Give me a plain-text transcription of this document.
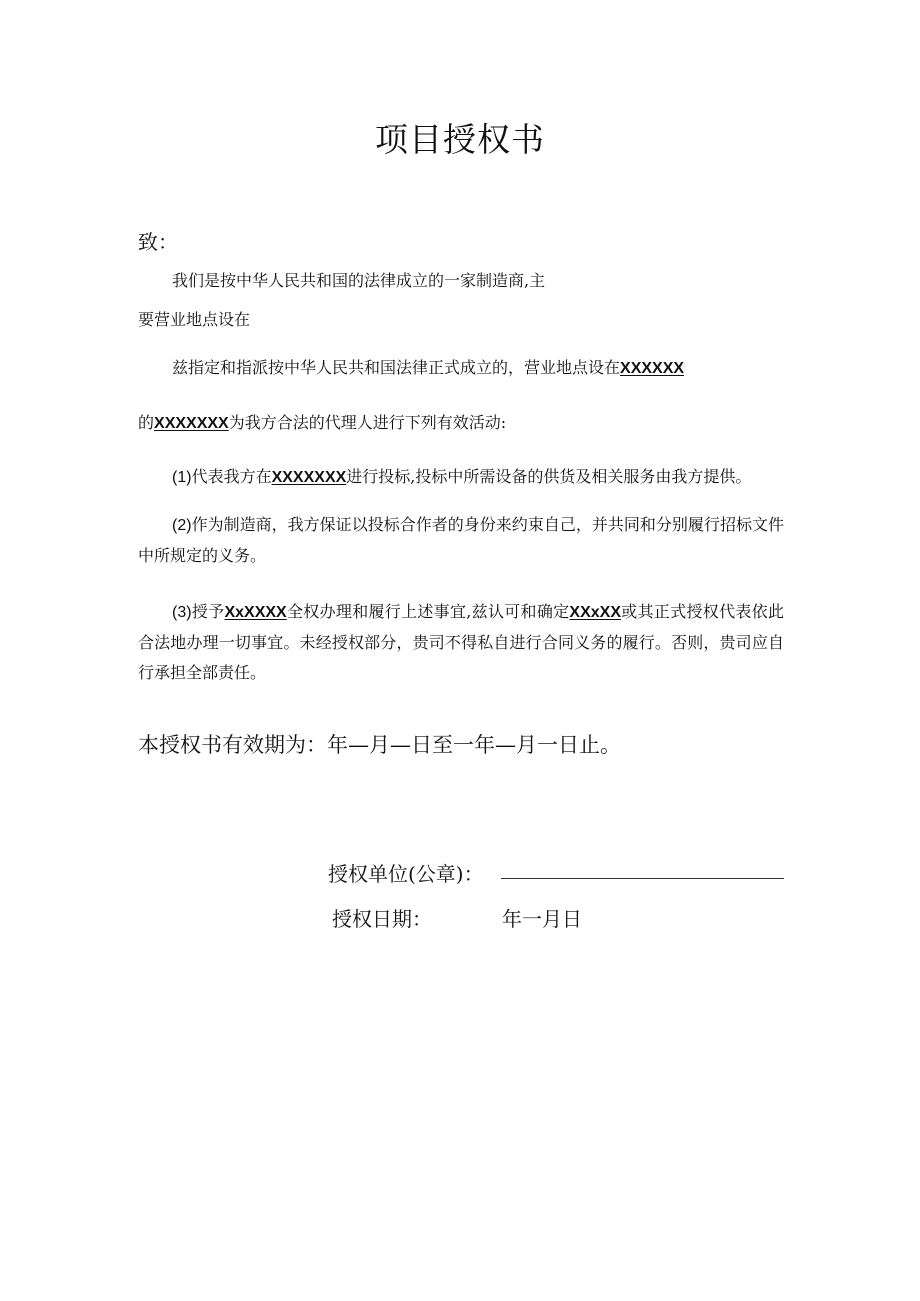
项目授权书
致：
我们是按中华人民共和国的法律成立的一家制造商,主
要营业地点设在
兹指定和指派按中华人民共和国法律正式成立的，营业地点设在XXXXXX
的XXXXXXX为我方合法的代理人进行下列有效活动:
(1)代表我方在XXXXXXX进行投标,投标中所需设备的供货及相关服务由我方提供。
(2)作为制造商，我方保证以投标合作者的身份来约束自己，并共同和分别履行招标文件中所规定的义务。
(3)授予XxXXXX全权办理和履行上述事宜,兹认可和确定XXxXX或其正式授权代表依此合法地办理一切事宜。未经授权部分，贵司不得私自进行合同义务的履行。否则，贵司应自行承担全部责任。
本授权书有效期为：年—月—日至一年—月一日止。
授权单位(公章)：
授权日期：	年一月日
